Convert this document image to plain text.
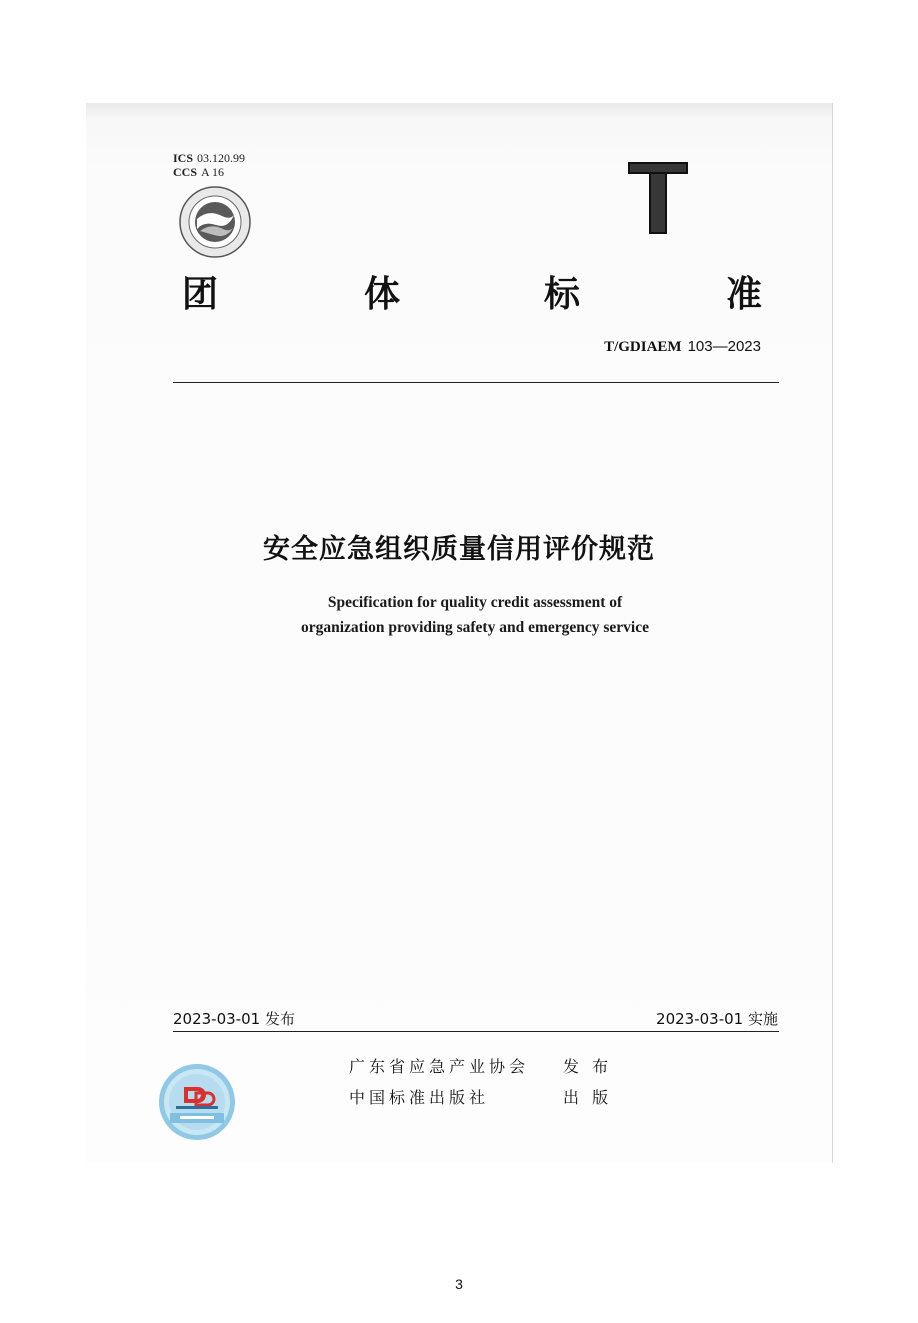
ICS 03.120.99
CCS A 16
团	体	标	准
T/GDIAEM 103—2023
安全应急组织质量信用评价规范
Specification for quality credit assessment of
organization providing safety and emergency service
2023-03-01 发布	2023-03-01 实施
广东省应急产业协会 发 布
中国标准出版社	出 版
3
